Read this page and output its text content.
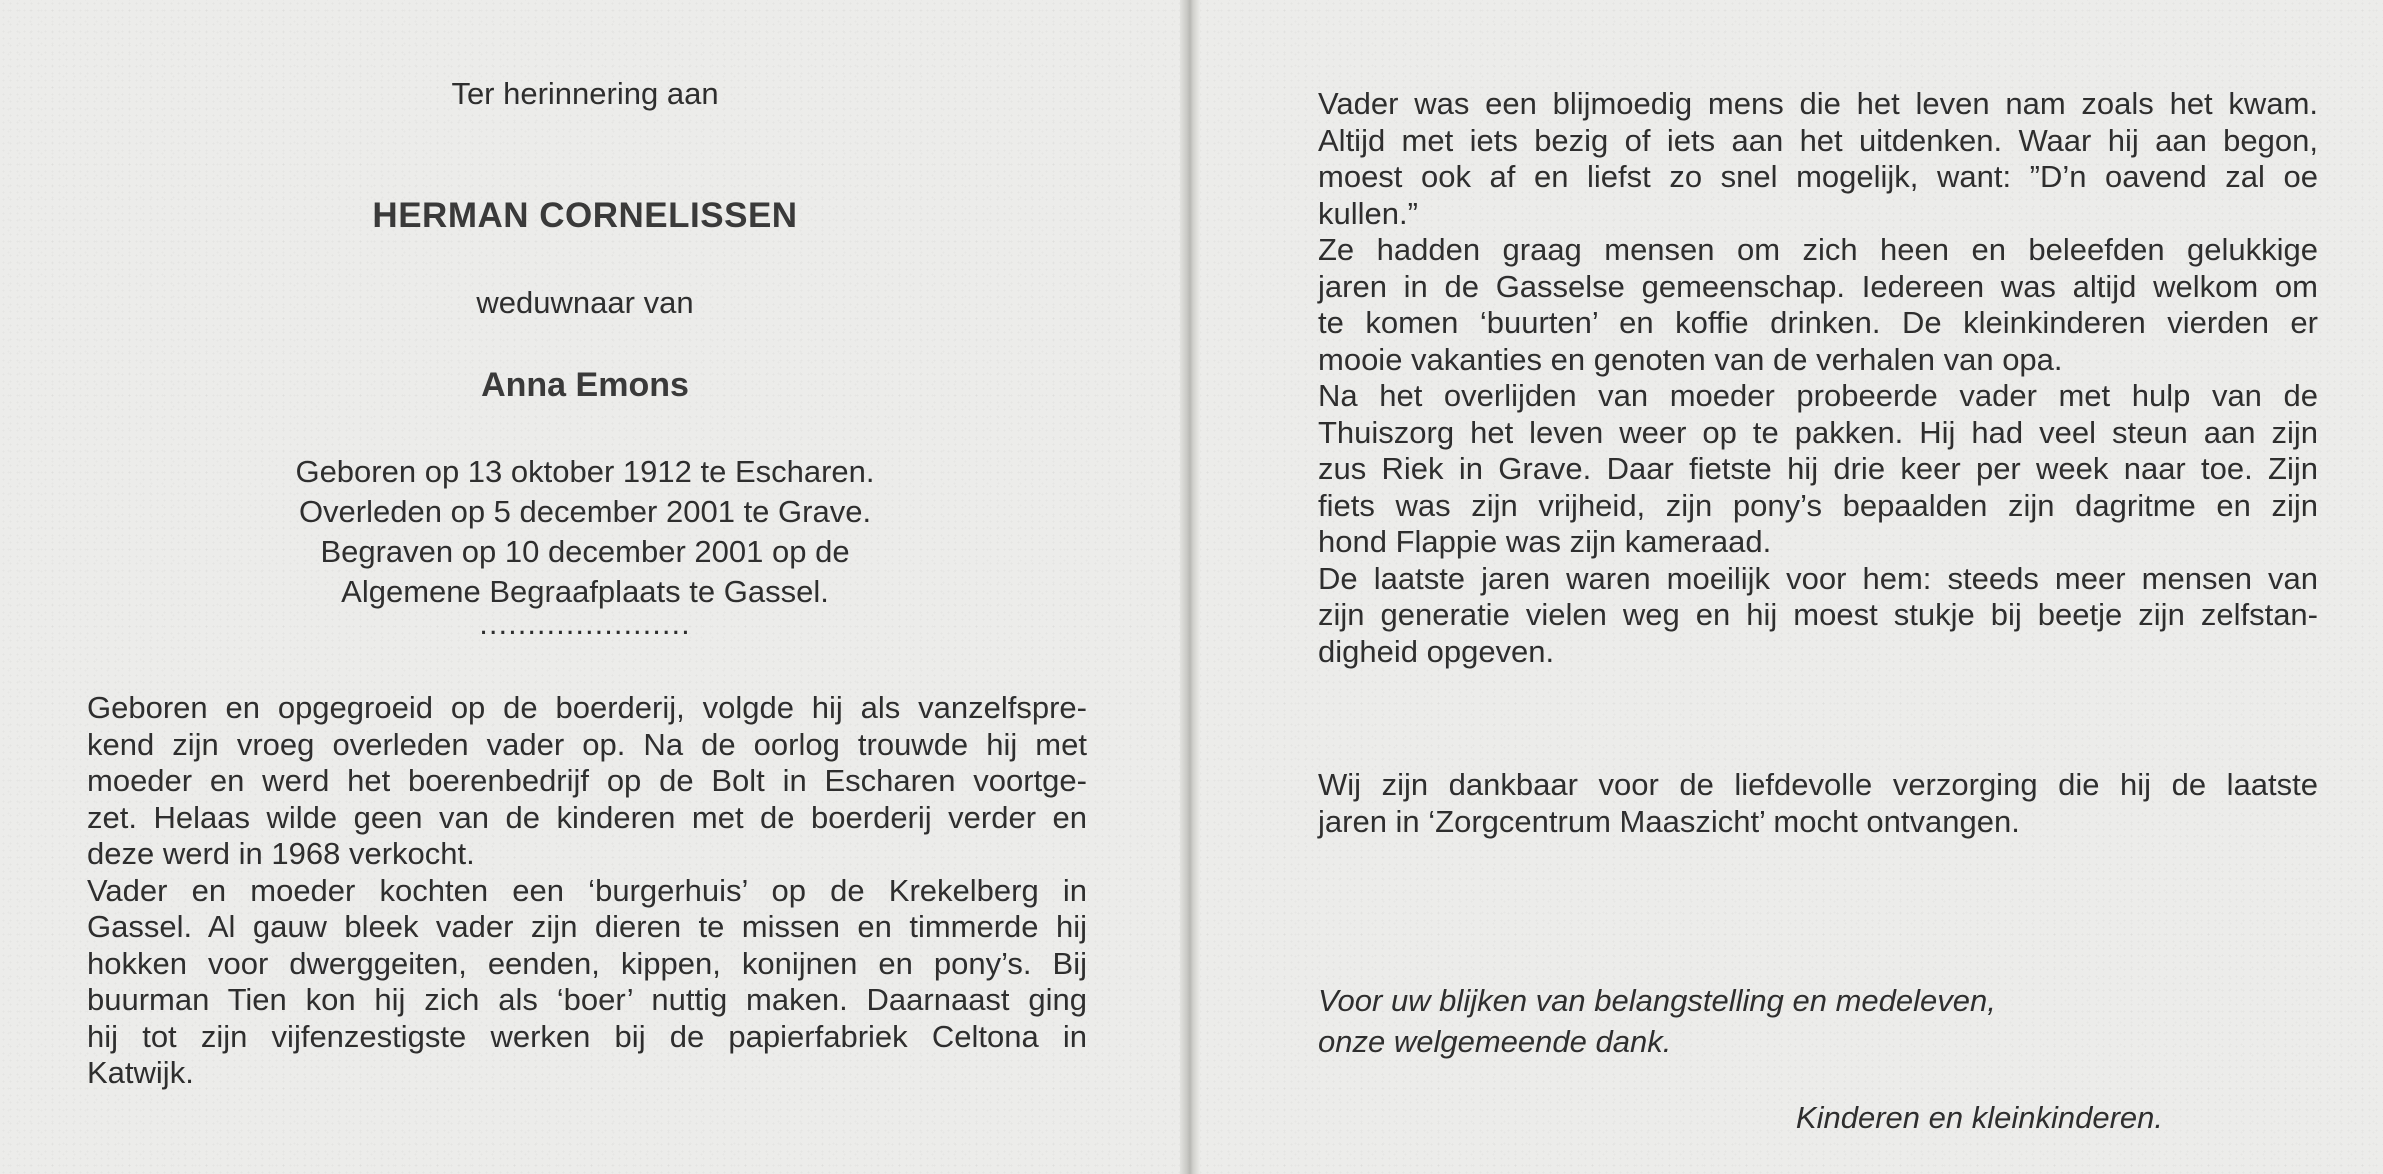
Ter herinnering aan
HERMAN CORNELISSEN
weduwnaar van
Anna Emons
Geboren op 13 oktober 1912 te Escharen.
Overleden op 5 december 2001 te Grave.
Begraven op 10 december 2001 op de
Algemene Begraafplaats te Gassel.
......................
Geboren en opgegroeid op de boerderij, volgde hij als vanzelfspre-
kend zijn vroeg overleden vader op. Na de oorlog trouwde hij met
moeder en werd het boerenbedrijf op de Bolt in Escharen voortge-
zet. Helaas wilde geen van de kinderen met de boerderij verder en
deze werd in 1968 verkocht.
Vader en moeder kochten een ‘burgerhuis’ op de Krekelberg in
Gassel. Al gauw bleek vader zijn dieren te missen en timmerde hij
hokken voor dwerggeiten, eenden, kippen, konijnen en pony’s. Bij
buurman Tien kon hij zich als ‘boer’ nuttig maken. Daarnaast ging
hij tot zijn vijfenzestigste werken bij de papierfabriek Celtona in
Katwijk.
Vader was een blijmoedig mens die het leven nam zoals het kwam.
Altijd met iets bezig of iets aan het uitdenken. Waar hij aan begon,
moest ook af en liefst zo snel mogelijk, want: ”D’n oavend zal oe
kullen.”
Ze hadden graag mensen om zich heen en beleefden gelukkige
jaren in de Gasselse gemeenschap. Iedereen was altijd welkom om
te komen ‘buurten’ en koffie drinken. De kleinkinderen vierden er
mooie vakanties en genoten van de verhalen van opa.
Na het overlijden van moeder probeerde vader met hulp van de
Thuiszorg het leven weer op te pakken. Hij had veel steun aan zijn
zus Riek in Grave. Daar fietste hij drie keer per week naar toe. Zijn
fiets was zijn vrijheid, zijn pony’s bepaalden zijn dagritme en zijn
hond Flappie was zijn kameraad.
De laatste jaren waren moeilijk voor hem: steeds meer mensen van
zijn generatie vielen weg en hij moest stukje bij beetje zijn zelfstan-
digheid opgeven.
Wij zijn dankbaar voor de liefdevolle verzorging die hij de laatste
jaren in ‘Zorgcentrum Maaszicht’ mocht ontvangen.
Voor uw blijken van belangstelling en medeleven,
onze welgemeende dank.
Kinderen en kleinkinderen.
